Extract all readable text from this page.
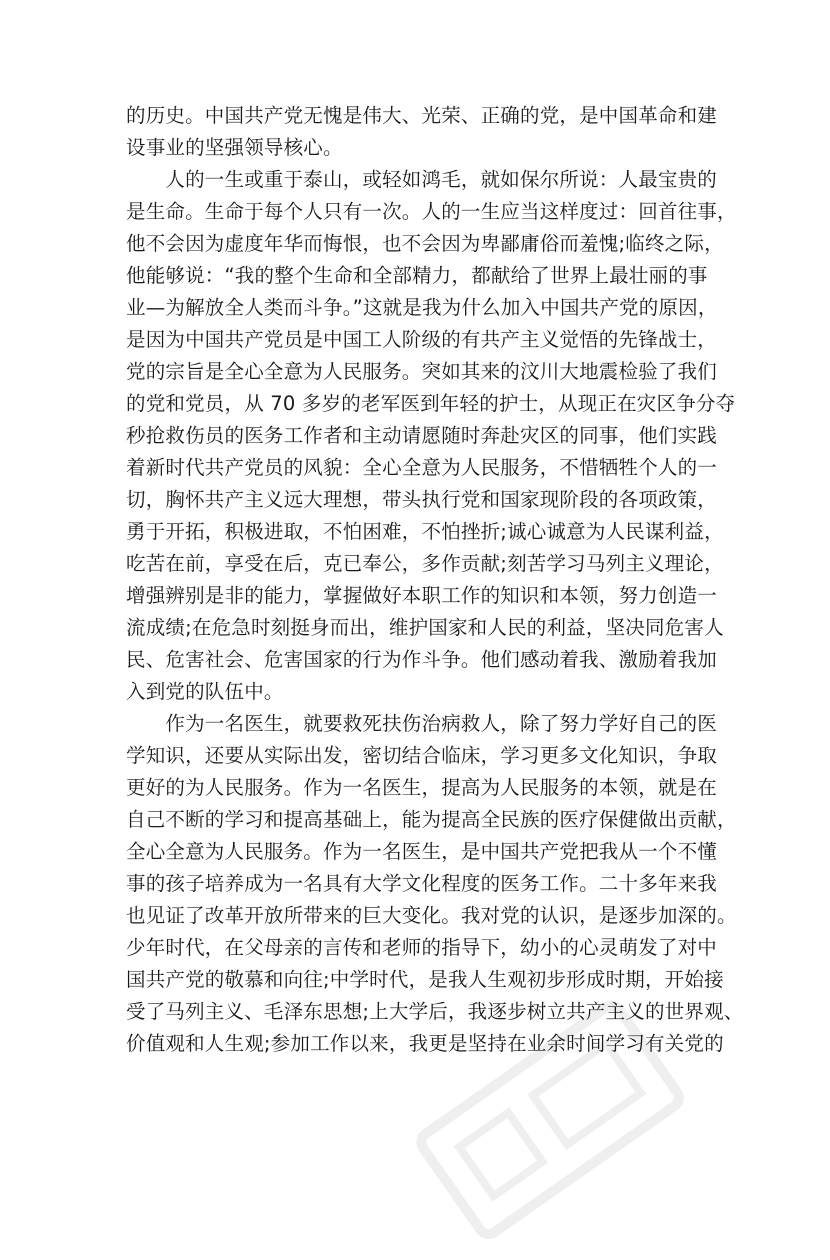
的历史。中国共产党无愧是伟大、光荣、正确的党，是中国革命和建
设事业的坚强领导核心。
　　人的一生或重于泰山，或轻如鸿毛，就如保尔所说：人最宝贵的
是生命。生命于每个人只有一次。人的一生应当这样度过：回首往事，
他不会因为虚度年华而悔恨，也不会因为卑鄙庸俗而羞愧;临终之际，
他能够说：“我的整个生命和全部精力，都献给了世界上最壮丽的事
业—为解放全人类而斗争。”这就是我为什么加入中国共产党的原因，
是因为中国共产党员是中国工人阶级的有共产主义觉悟的先锋战士，
党的宗旨是全心全意为人民服务。突如其来的汶川大地震检验了我们
的党和党员，从 70 多岁的老军医到年轻的护士，从现正在灾区争分夺
秒抢救伤员的医务工作者和主动请愿随时奔赴灾区的同事，他们实践
着新时代共产党员的风貌：全心全意为人民服务，不惜牺牲个人的一
切，胸怀共产主义远大理想，带头执行党和国家现阶段的各项政策，
勇于开拓，积极进取，不怕困难，不怕挫折;诚心诚意为人民谋利益，
吃苦在前，享受在后，克已奉公，多作贡献;刻苦学习马列主义理论，
增强辨别是非的能力，掌握做好本职工作的知识和本领，努力创造一
流成绩;在危急时刻挺身而出，维护国家和人民的利益，坚决同危害人
民、危害社会、危害国家的行为作斗争。他们感动着我、激励着我加
入到党的队伍中。
　　作为一名医生，就要救死扶伤治病救人，除了努力学好自己的医
学知识，还要从实际出发，密切结合临床，学习更多文化知识，争取
更好的为人民服务。作为一名医生，提高为人民服务的本领，就是在
自己不断的学习和提高基础上，能为提高全民族的医疗保健做出贡献，
全心全意为人民服务。作为一名医生，是中国共产党把我从一个不懂
事的孩子培养成为一名具有大学文化程度的医务工作。二十多年来我
也见证了改革开放所带来的巨大变化。我对党的认识，是逐步加深的。
少年时代，在父母亲的言传和老师的指导下，幼小的心灵萌发了对中
国共产党的敬慕和向往;中学时代，是我人生观初步形成时期，开始接
受了马列主义、毛泽东思想;上大学后，我逐步树立共产主义的世界观、
价值观和人生观;参加工作以来，我更是坚持在业余时间学习有关党的
